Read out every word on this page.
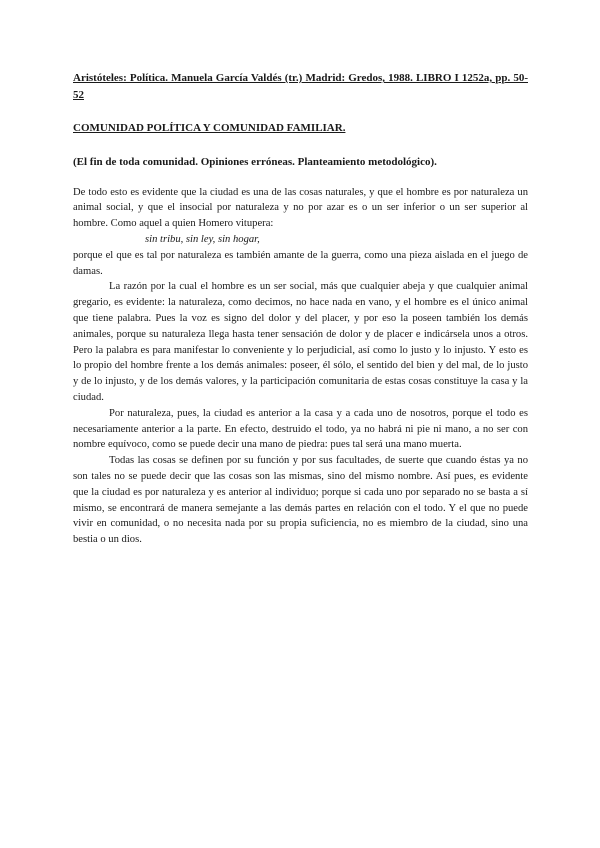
Aristóteles: Política. Manuela García Valdés (tr.) Madrid: Gredos, 1988. LIBRO I 1252a, pp. 50-52
COMUNIDAD POLÍTICA Y COMUNIDAD FAMILIAR.
(El fin de toda comunidad. Opiniones erróneas. Planteamiento metodológico).

De todo esto es evidente que la ciudad es una de las cosas naturales, y que el hombre es por naturaleza un animal social, y que el insocial por naturaleza y no por azar es o un ser inferior o un ser superior al hombre. Como aquel a quien Homero vitupera:

sin tribu, sin ley, sin hogar,

porque el que es tal por naturaleza es también amante de la guerra, como una pieza aislada en el juego de damas.

La razón por la cual el hombre es un ser social, más que cualquier abeja y que cualquier animal gregario, es evidente: la naturaleza, como decimos, no hace nada en vano, y el hombre es el único animal que tiene palabra. Pues la voz es signo del dolor y del placer, y por eso la poseen también los demás animales, porque su naturaleza llega hasta tener sensación de dolor y de placer e indicársela unos a otros. Pero la palabra es para manifestar lo conveniente y lo perjudicial, así como lo justo y lo injusto. Y esto es lo propio del hombre frente a los demás animales: poseer, él sólo, el sentido del bien y del mal, de lo justo y de lo injusto, y de los demás valores, y la participación comunitaria de estas cosas constituye la casa y la ciudad.

Por naturaleza, pues, la ciudad es anterior a la casa y a cada uno de nosotros, porque el todo es necesariamente anterior a la parte. En efecto, destruido el todo, ya no habrá ni pie ni mano, a no ser con nombre equívoco, como se puede decir una mano de piedra: pues tal será una mano muerta.

Todas las cosas se definen por su función y por sus facultades, de suerte que cuando éstas ya no son tales no se puede decir que las cosas son las mismas, sino del mismo nombre. Así pues, es evidente que la ciudad es por naturaleza y es anterior al individuo; porque si cada uno por separado no se basta a sí mismo, se encontrará de manera semejante a las demás partes en relación con el todo. Y el que no puede vivir en comunidad, o no necesita nada por su propia suficiencia, no es miembro de la ciudad, sino una bestia o un dios.
